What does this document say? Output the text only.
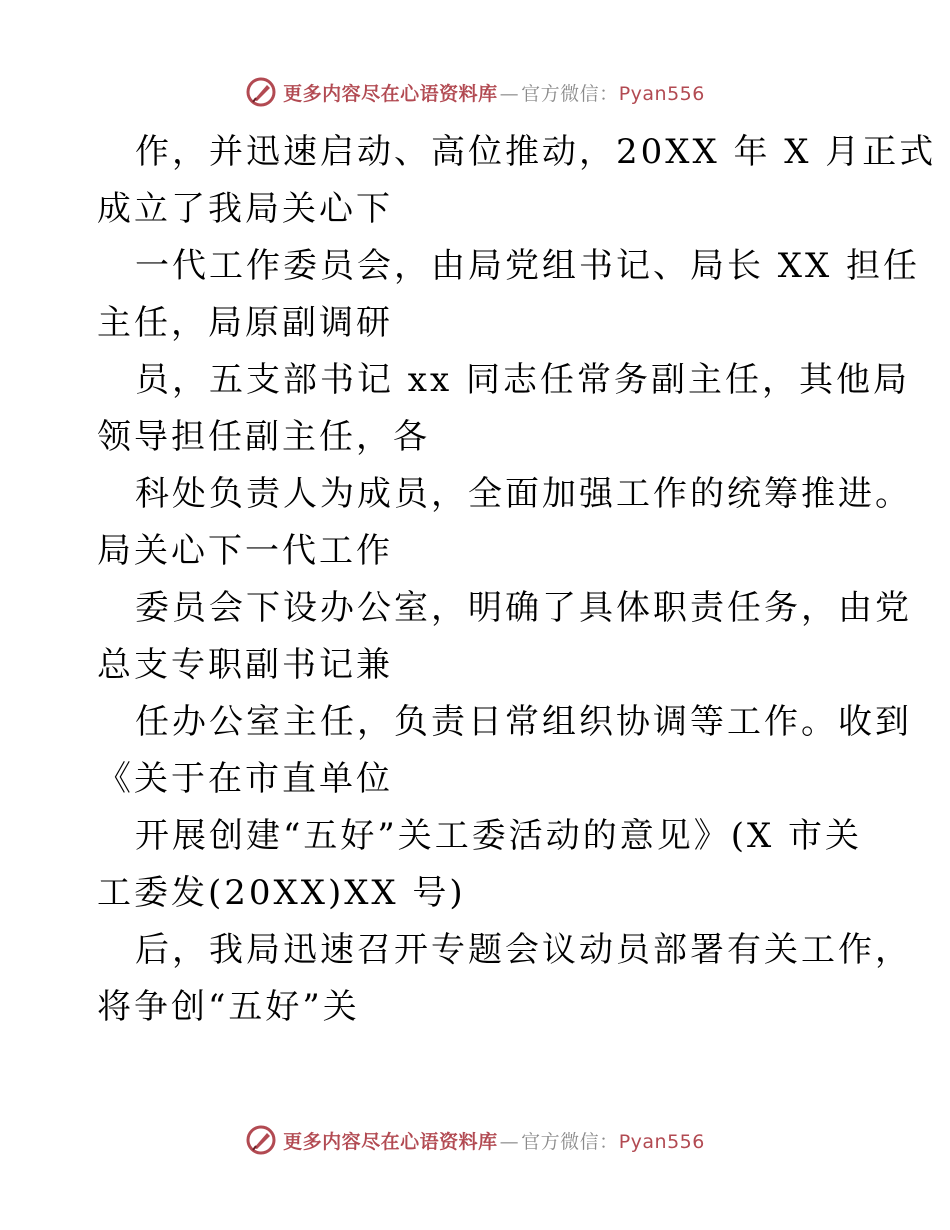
更多内容尽在心语资料库 — 官方微信：Pyan556
作，并迅速启动、高位推动，20XX 年 X 月正式
成立了我局关心下
一代工作委员会，由局党组书记、局长 XX 担任
主任，局原副调研
员，五支部书记 xx 同志任常务副主任，其他局
领导担任副主任，各
科处负责人为成员，全面加强工作的统筹推进。
局关心下一代工作
委员会下设办公室，明确了具体职责任务，由党
总支专职副书记兼
任办公室主任，负责日常组织协调等工作。收到
《关于在市直单位
开展创建“五好”关工委活动的意见》(X 市关
工委发(20XX)XX 号)
后，我局迅速召开专题会议动员部署有关工作，
将争创“五好”关
更多内容尽在心语资料库 — 官方微信：Pyan556
